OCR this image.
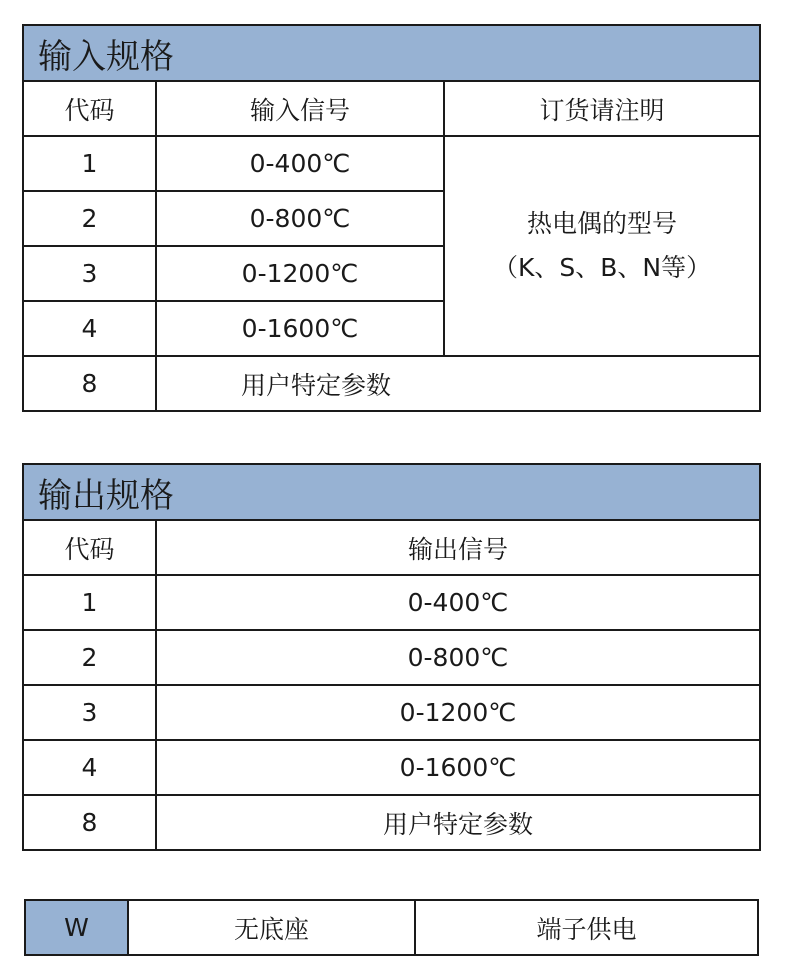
输入规格		
代码	输入信号	订货请注明
1	0-400℃	热电偶的型号
（K、S、B、N等）

2	0-800℃	
3	0-1200℃	
4	0-1600℃	
8	用户特定参数	
输出规格	
代码	输出信号
1	0-400℃
2	0-800℃
3	0-1200℃
4	0-1600℃
8	用户特定参数
W	无底座	端子供电
